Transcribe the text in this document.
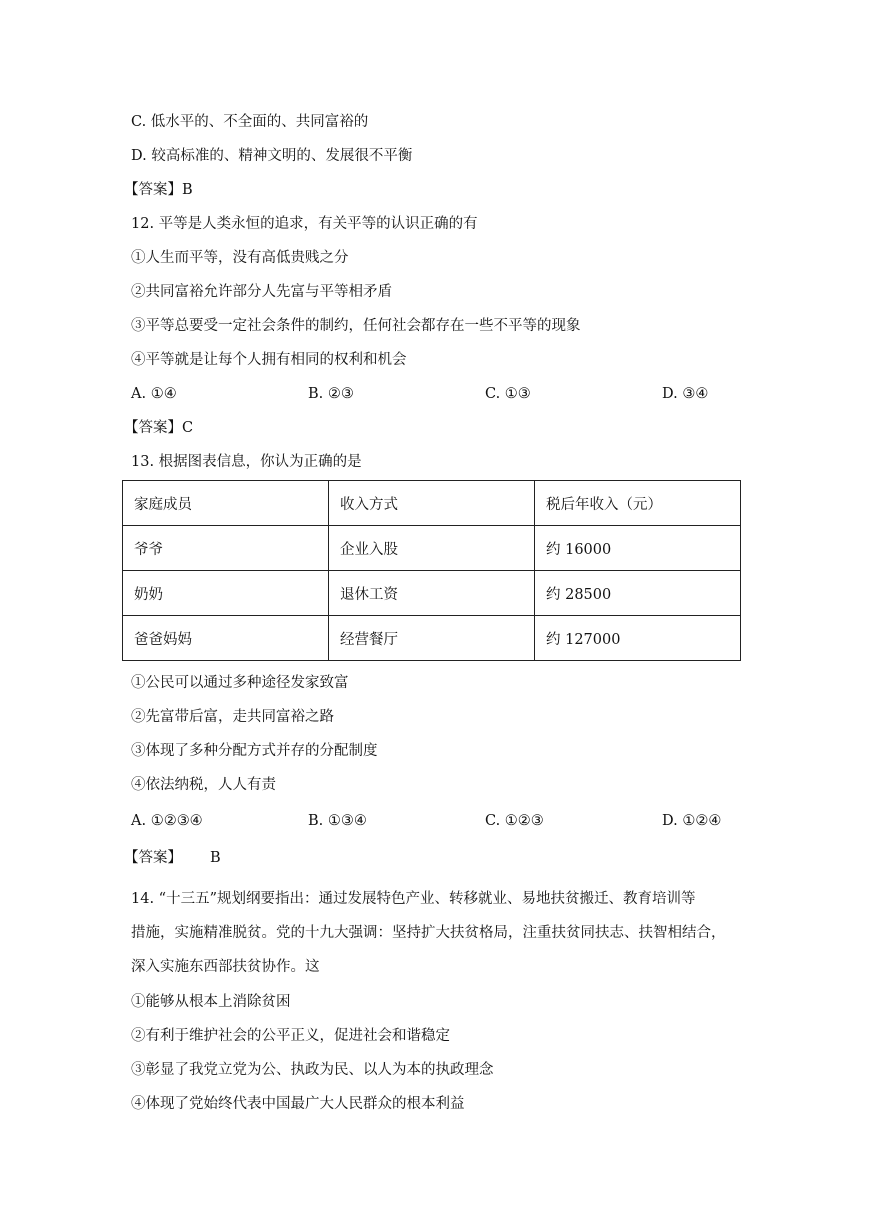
C. 低水平的、不全面的、共同富裕的
D. 较高标准的、精神文明的、发展很不平衡
【答案】B
12. 平等是人类永恒的追求，有关平等的认识正确的有
①人生而平等，没有高低贵贱之分
②共同富裕允许部分人先富与平等相矛盾
③平等总要受一定社会条件的制约，任何社会都存在一些不平等的现象
④平等就是让每个人拥有相同的权利和机会
A. ①④	B. ②③	C. ①③	D. ③④
【答案】C
13. 根据图表信息，你认为正确的是
家庭成员	收入方式	税后年收入（元）
爷爷	企业入股	约 16000
奶奶	退休工资	约 28500
爸爸妈妈	经营餐厅	约 127000
①公民可以通过多种途径发家致富
②先富带后富，走共同富裕之路
③体现了多种分配方式并存的分配制度
④依法纳税，人人有责
A. ①②③④	B. ①③④	C. ①②③	D. ①②④
【答案】 B
14. “十三五”规划纲要指出：通过发展特色产业、转移就业、易地扶贫搬迁、教育培训等
措施，实施精准脱贫。党的十九大强调：坚持扩大扶贫格局，注重扶贫同扶志、扶智相结合，
深入实施东西部扶贫协作。这
①能够从根本上消除贫困
②有利于维护社会的公平正义，促进社会和谐稳定
③彰显了我党立党为公、执政为民、以人为本的执政理念
④体现了党始终代表中国最广大人民群众的根本利益
